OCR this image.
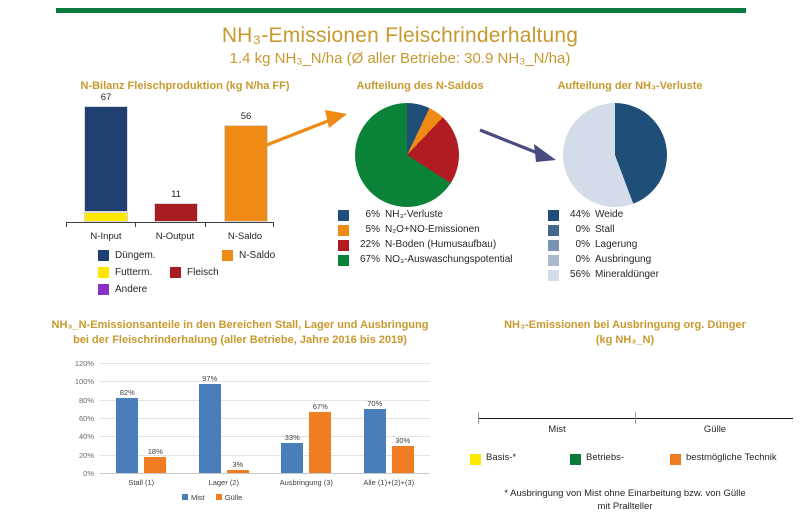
NH₃-Emissionen Fleischrinderhaltung
1.4 kg NH₃_N/ha (Ø aller Betriebe: 30.9 NH₃_N/ha)
N-Bilanz Fleischproduktion (kg N/ha FF)	Aufteilung des N-Saldos	Aufteilung der NH₃-Verluste
67
11
56
N-Input	N-Output	N-Saldo
Düngem.
Futterm.
Andere
Fleisch
N-Saldo
6% NH₃-Verluste
5% N₂O+NO-Emissionen
22% N-Boden (Humusaufbau)
67% NO₃-Auswaschungspotential
44% Weide
0% Stall
0% Lagerung
0% Ausbringung
56% Mineraldünger
NH₃_N-Emissionsanteile in den Bereichen Stall, Lager und Ausbringung
bei der Fleischrinderhalung (aller Betriebe, Jahre 2016 bis 2019)
0%
20%
40%
60%
80%
100%
120%
82%
18%
97%
3%
33%
67%	70%
30%
Stall (1)	Lager (2)	Ausbringung (3)	Alle (1)+(2)+(3)
Mist	Gülle
NH₃-Emissionen bei Ausbringung org. Dünger
(kg NH₃_N)
Mist	Gülle
Basis-*	Betriebs-	bestmögliche Technik
* Ausbringung von Mist ohne Einarbeitung bzw. von Gülle
mit Prallteller
